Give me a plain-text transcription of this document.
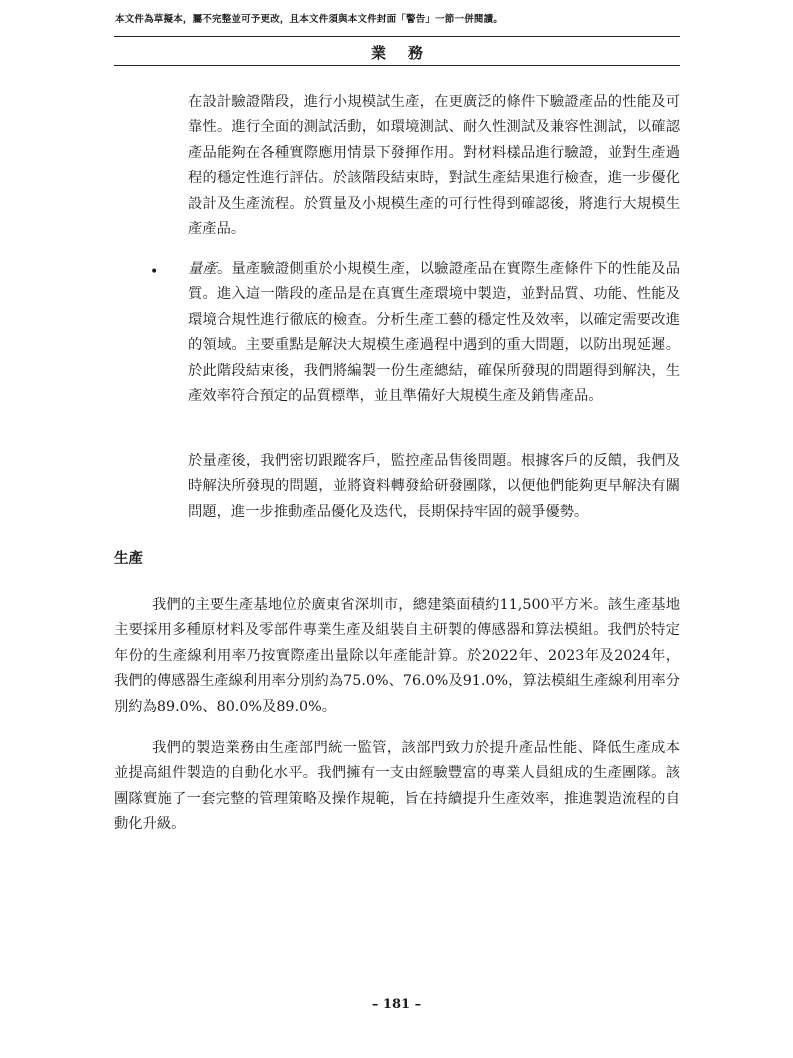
本文件為草擬本，屬不完整並可予更改，且本文件須與本文件封面「警告」一節一併閱讀。
業務
在設計驗證階段，進行小規模試生產，在更廣泛的條件下驗證產品的性能及可靠性。進行全面的測試活動，如環境測試、耐久性測試及兼容性測試，以確認產品能夠在各種實際應用情景下發揮作用。對材料樣品進行驗證，並對生產過程的穩定性進行評估。於該階段結束時，對試生產結果進行檢查，進一步優化設計及生產流程。於質量及小規模生產的可行性得到確認後，將進行大規模生產產品。
• 量產。量產驗證側重於小規模生產，以驗證產品在實際生產條件下的性能及品質。進入這一階段的產品是在真實生產環境中製造，並對品質、功能、性能及環境合規性進行徹底的檢查。分析生產工藝的穩定性及效率，以確定需要改進的領域。主要重點是解決大規模生產過程中遇到的重大問題，以防出現延遲。於此階段結束後，我們將編製一份生產總結，確保所發現的問題得到解決，生產效率符合預定的品質標準，並且準備好大規模生產及銷售產品。
於量產後，我們密切跟蹤客戶，監控產品售後問題。根據客戶的反饋，我們及時解決所發現的問題，並將資料轉發給研發團隊，以便他們能夠更早解決有關問題，進一步推動產品優化及迭代，長期保持牢固的競爭優勢。
生產
我們的主要生產基地位於廣東省深圳市，總建築面積約11,500平方米。該生產基地主要採用多種原材料及零部件專業生產及組裝自主研製的傳感器和算法模組。我們於特定年份的生產線利用率乃按實際產出量除以年產能計算。於2022年、2023年及2024年，我們的傳感器生產線利用率分別約為75.0%、76.0%及91.0%，算法模組生產線利用率分別約為89.0%、80.0%及89.0%。
我們的製造業務由生產部門統一監管，該部門致力於提升產品性能、降低生產成本並提高組件製造的自動化水平。我們擁有一支由經驗豐富的專業人員組成的生產團隊。該團隊實施了一套完整的管理策略及操作規範，旨在持續提升生產效率，推進製造流程的自動化升級。
– 181 –
